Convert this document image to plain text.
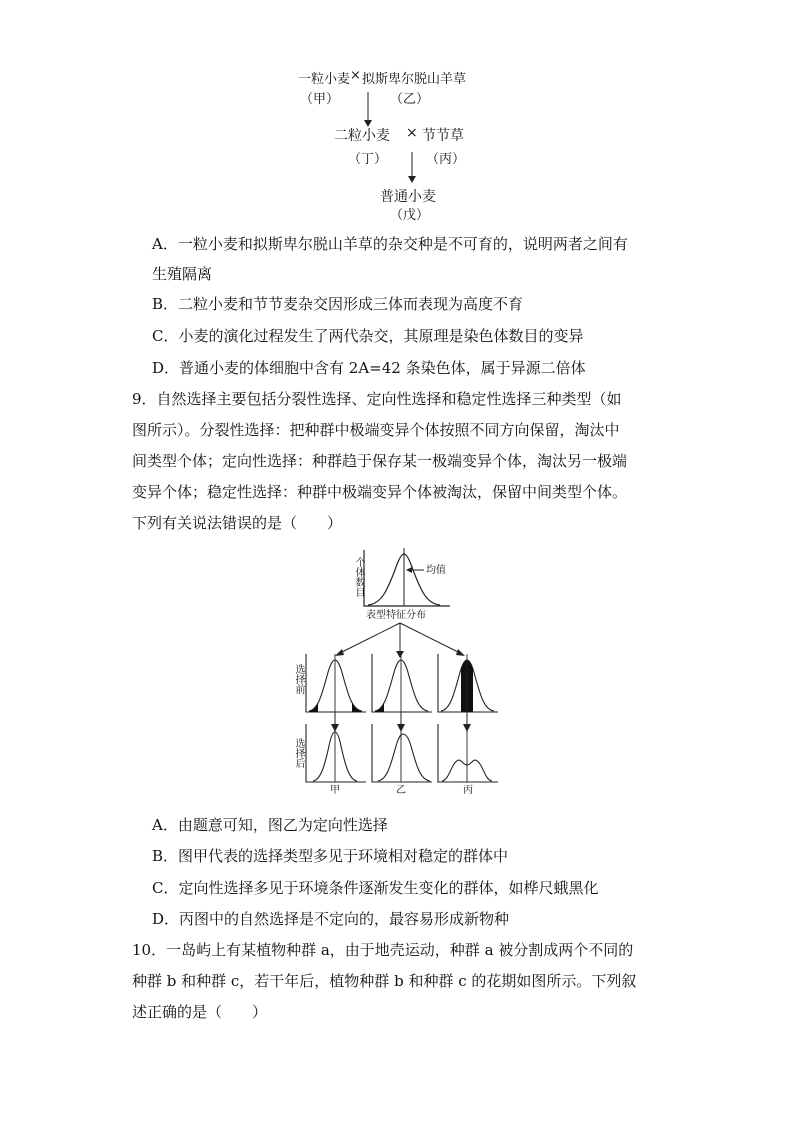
一粒小麦 × 拟斯卑尔脱山羊草
（甲）	（乙）
二粒小麦 × 节节草
（丁）	（丙）
普通小麦
（戊）
A．一粒小麦和拟斯卑尔脱山羊草的杂交种是不可育的，说明两者之间有
生殖隔离
B．二粒小麦和节节麦杂交因形成三体而表现为高度不育
C．小麦的演化过程发生了两代杂交，其原理是染色体数目的变异
D．普通小麦的体细胞中含有 2A=42 条染色体，属于异源二倍体
9．自然选择主要包括分裂性选择、定向性选择和稳定性选择三种类型（如
图所示）。分裂性选择：把种群中极端变异个体按照不同方向保留，淘汰中
间类型个体；定向性选择：种群趋于保存某一极端变异个体，淘汰另一极端
变异个体；稳定性选择：种群中极端变异个体被淘汰，保留中间类型个体。
下列有关说法错误的是（　　）
个体数目	均值
表型特征分布
选择前
选择后
甲	乙	丙
A．由题意可知，图乙为定向性选择
B．图甲代表的选择类型多见于环境相对稳定的群体中
C．定向性选择多见于环境条件逐渐发生变化的群体，如桦尺蛾黑化
D．丙图中的自然选择是不定向的，最容易形成新物种
10．一岛屿上有某植物种群 a，由于地壳运动，种群 a 被分割成两个不同的
种群 b 和种群 c，若干年后，植物种群 b 和种群 c 的花期如图所示。下列叙
述正确的是（　　）
